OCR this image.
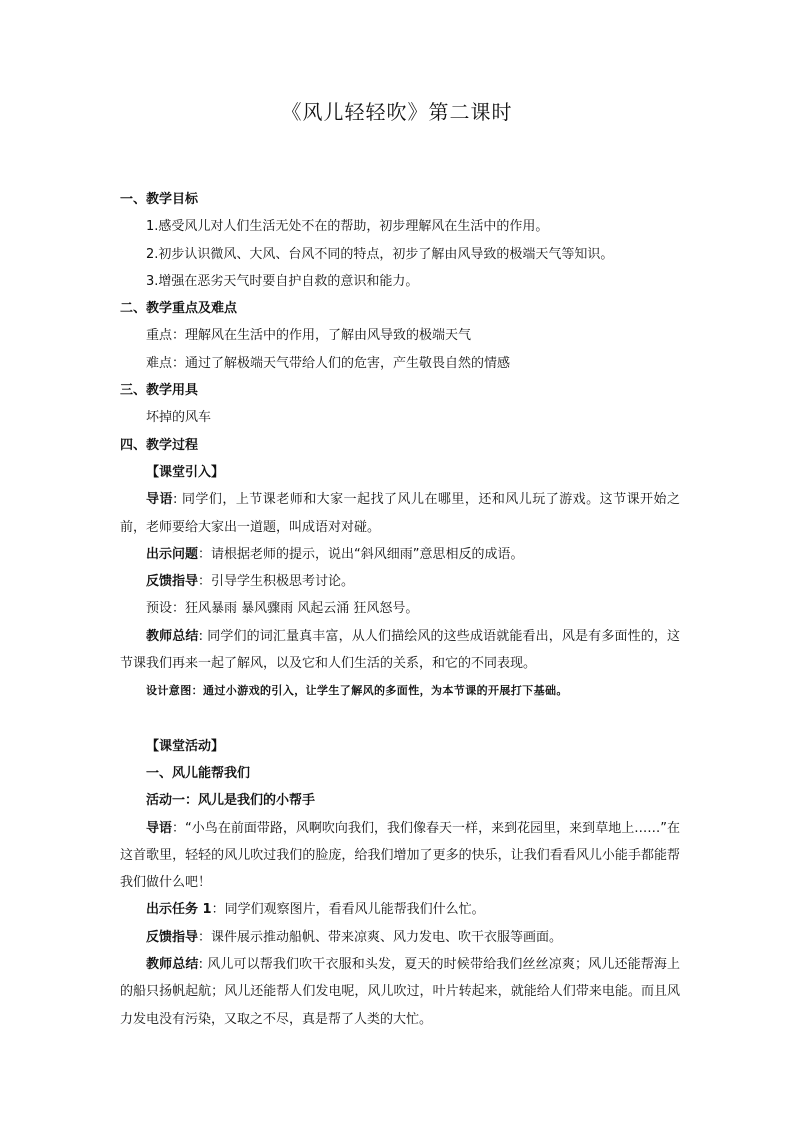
《风儿轻轻吹》第二课时
一、教学目标
1.感受风儿对人们生活无处不在的帮助，初步理解风在生活中的作用。
2.初步认识微风、大风、台风不同的特点，初步了解由风导致的极端天气等知识。
3.增强在恶劣天气时要自护自救的意识和能力。
二、教学重点及难点
重点：理解风在生活中的作用，了解由风导致的极端天气
难点：通过了解极端天气带给人们的危害，产生敬畏自然的情感
三、教学用具
坏掉的风车
四、教学过程
【课堂引入】
导语: 同学们，上节课老师和大家一起找了风儿在哪里，还和风儿玩了游戏。这节课开始之前，老师要给大家出一道题，叫成语对对碰。
出示问题：请根据老师的提示，说出“斜风细雨”意思相反的成语。
反馈指导：引导学生积极思考讨论。
预设：狂风暴雨 暴风骤雨 风起云涌 狂风怒号。
教师总结: 同学们的词汇量真丰富，从人们描绘风的这些成语就能看出，风是有多面性的，这节课我们再来一起了解风，以及它和人们生活的关系，和它的不同表现。
设计意图：通过小游戏的引入，让学生了解风的多面性，为本节课的开展打下基础。
【课堂活动】
一、风儿能帮我们
活动一：风儿是我们的小帮手
导语：“小鸟在前面带路，风啊吹向我们，我们像春天一样，来到花园里，来到草地上……”在这首歌里，轻轻的风儿吹过我们的脸庞，给我们增加了更多的快乐，让我们看看风儿小能手都能帮我们做什么吧！
出示任务 1：同学们观察图片，看看风儿能帮我们什么忙。
反馈指导：课件展示推动船帆、带来凉爽、风力发电、吹干衣服等画面。
教师总结: 风儿可以帮我们吹干衣服和头发，夏天的时候带给我们丝丝凉爽；风儿还能帮海上的船只扬帆起航；风儿还能帮人们发电呢，风儿吹过，叶片转起来，就能给人们带来电能。而且风力发电没有污染，又取之不尽，真是帮了人类的大忙。
